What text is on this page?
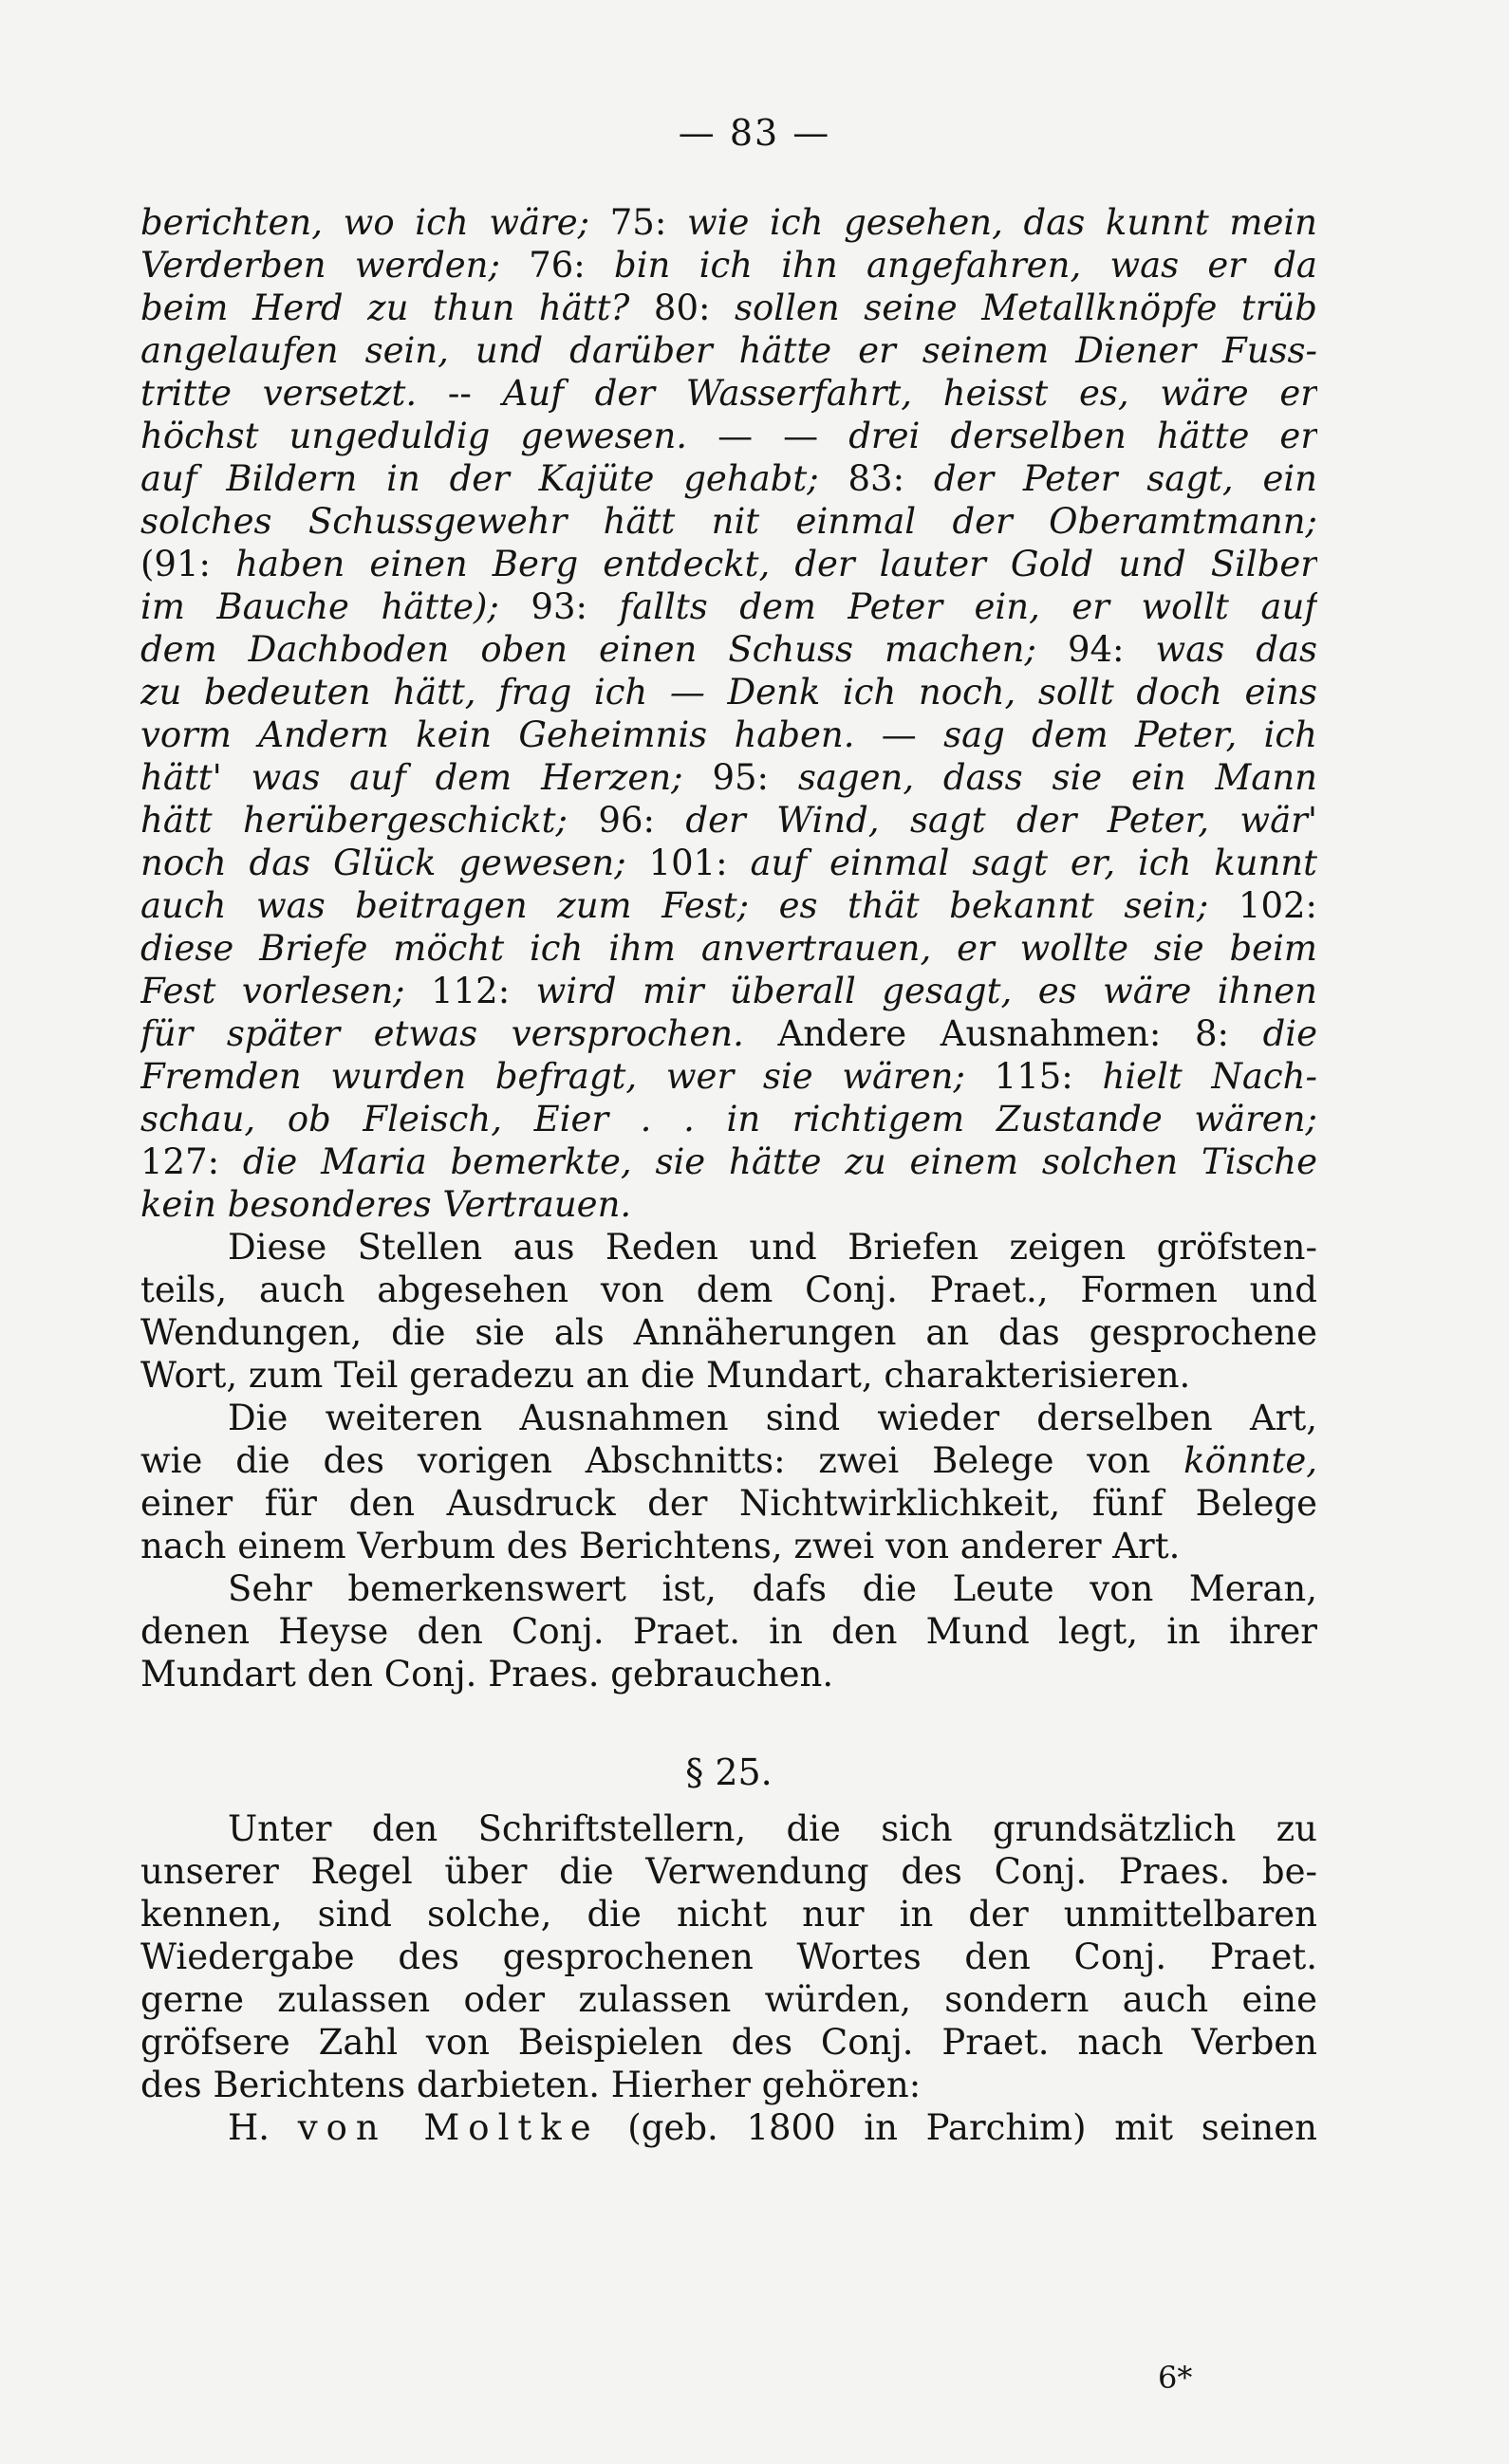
— 83 —
berichten, wo ich wäre; 75: wie ich gesehen, das kunnt mein
Verderben werden; 76: bin ich ihn angefahren, was er da
beim Herd zu thun hätt? 80: sollen seine Metallknöpfe trüb
angelaufen sein, und darüber hätte er seinem Diener Fuss-
tritte versetzt. -- Auf der Wasserfahrt, heisst es, wäre er
höchst ungeduldig gewesen. — — drei derselben hätte er
auf Bildern in der Kajüte gehabt; 83: der Peter sagt, ein
solches Schussgewehr hätt nit einmal der Oberamtmann;
(91: haben einen Berg entdeckt, der lauter Gold und Silber
im Bauche hätte); 93: fallts dem Peter ein, er wollt auf
dem Dachboden oben einen Schuss machen; 94: was das
zu bedeuten hätt, frag ich — Denk ich noch, sollt doch eins
vorm Andern kein Geheimnis haben. — sag dem Peter, ich
hätt' was auf dem Herzen; 95: sagen, dass sie ein Mann
hätt herübergeschickt; 96: der Wind, sagt der Peter, wär'
noch das Glück gewesen; 101: auf einmal sagt er, ich kunnt
auch was beitragen zum Fest; es thät bekannt sein; 102:
diese Briefe möcht ich ihm anvertrauen, er wollte sie beim
Fest vorlesen; 112: wird mir überall gesagt, es wäre ihnen
für später etwas versprochen. Andere Ausnahmen: 8: die
Fremden wurden befragt, wer sie wären; 115: hielt Nach-
schau, ob Fleisch, Eier . . in richtigem Zustande wären;
127: die Maria bemerkte, sie hätte zu einem solchen Tische
kein besonderes Vertrauen.
Diese Stellen aus Reden und Briefen zeigen gröfsten-
teils, auch abgesehen von dem Conj. Praet., Formen und
Wendungen, die sie als Annäherungen an das gesprochene
Wort, zum Teil geradezu an die Mundart, charakterisieren.
Die weiteren Ausnahmen sind wieder derselben Art,
wie die des vorigen Abschnitts: zwei Belege von könnte,
einer für den Ausdruck der Nichtwirklichkeit, fünf Belege
nach einem Verbum des Berichtens, zwei von anderer Art.
Sehr bemerkenswert ist, dafs die Leute von Meran,
denen Heyse den Conj. Praet. in den Mund legt, in ihrer
Mundart den Conj. Praes. gebrauchen.
§ 25.
Unter den Schriftstellern, die sich grundsätzlich zu
unserer Regel über die Verwendung des Conj. Praes. be-
kennen, sind solche, die nicht nur in der unmittelbaren
Wiedergabe des gesprochenen Wortes den Conj. Praet.
gerne zulassen oder zulassen würden, sondern auch eine
gröfsere Zahl von Beispielen des Conj. Praet. nach Verben
des Berichtens darbieten. Hierher gehören:
H. von Moltke (geb. 1800 in Parchim) mit seinen
6*
